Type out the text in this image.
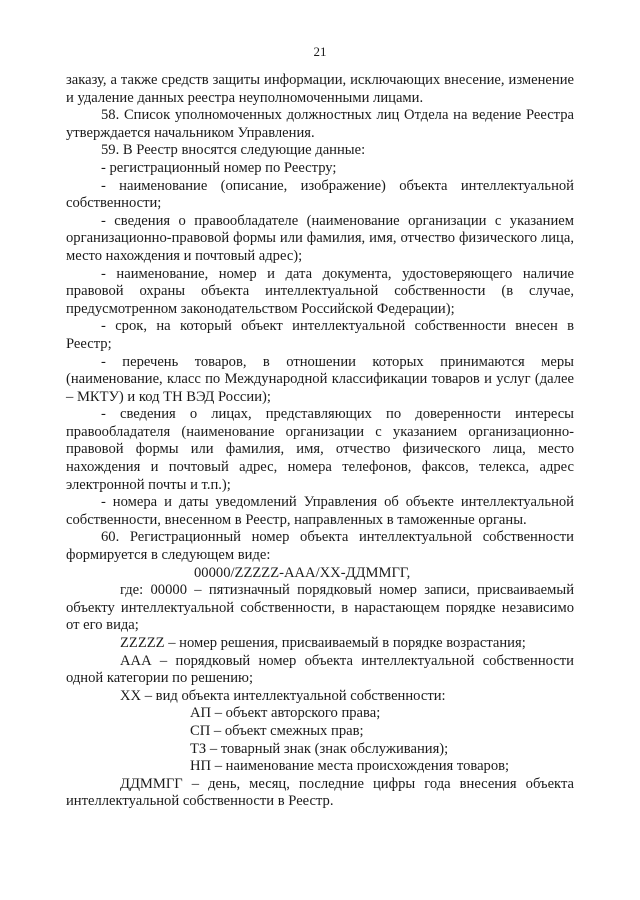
21

заказу, а также средств защиты информации, исключающих внесение, изменение и удаление данных реестра неуполномоченными лицами.

58. Список уполномоченных должностных лиц Отдела на ведение Реестра утверждается начальником Управления.

59. В Реестр вносятся следующие данные:

- регистрационный номер по Реестру;

- наименование (описание, изображение) объекта интеллектуальной собственности;

- сведения о правообладателе (наименование организации с указанием организационно-правовой формы или фамилия, имя, отчество физического лица, место нахождения и почтовый адрес);

- наименование, номер и дата документа, удостоверяющего наличие правовой охраны объекта интеллектуальной собственности (в случае, предусмотренном законодательством Российской Федерации);

- срок, на который объект интеллектуальной собственности внесен в Реестр;

- перечень товаров, в отношении которых принимаются меры (наименование, класс по Международной классификации товаров и услуг (далее – МКТУ) и код ТН ВЭД России);

- сведения о лицах, представляющих по доверенности интересы правообладателя (наименование организации с указанием организационно-правовой формы или фамилия, имя, отчество физического лица, место нахождения и почтовый адрес, номера телефонов, факсов, телекса, адрес электронной почты и т.п.);

- номера и даты уведомлений Управления об объекте интеллектуальной собственности, внесенном в Реестр, направленных в таможенные органы.

60. Регистрационный номер объекта интеллектуальной собственности формируется в следующем виде:

00000/ZZZZZ-ААА/ХХ-ДДММГГ,

где: 00000 – пятизначный порядковый номер записи, присваиваемый объекту интеллектуальной собственности, в нарастающем порядке независимо от его вида;

ZZZZZ – номер решения, присваиваемый в порядке возрастания;

ААА – порядковый номер объекта интеллектуальной собственности одной категории по решению;

ХХ – вид объекта интеллектуальной собственности:

АП – объект авторского права;

СП – объект смежных прав;

ТЗ – товарный знак (знак обслуживания);

НП – наименование места происхождения товаров;

ДДММГГ – день, месяц, последние цифры года внесения объекта интеллектуальной собственности в Реестр.
